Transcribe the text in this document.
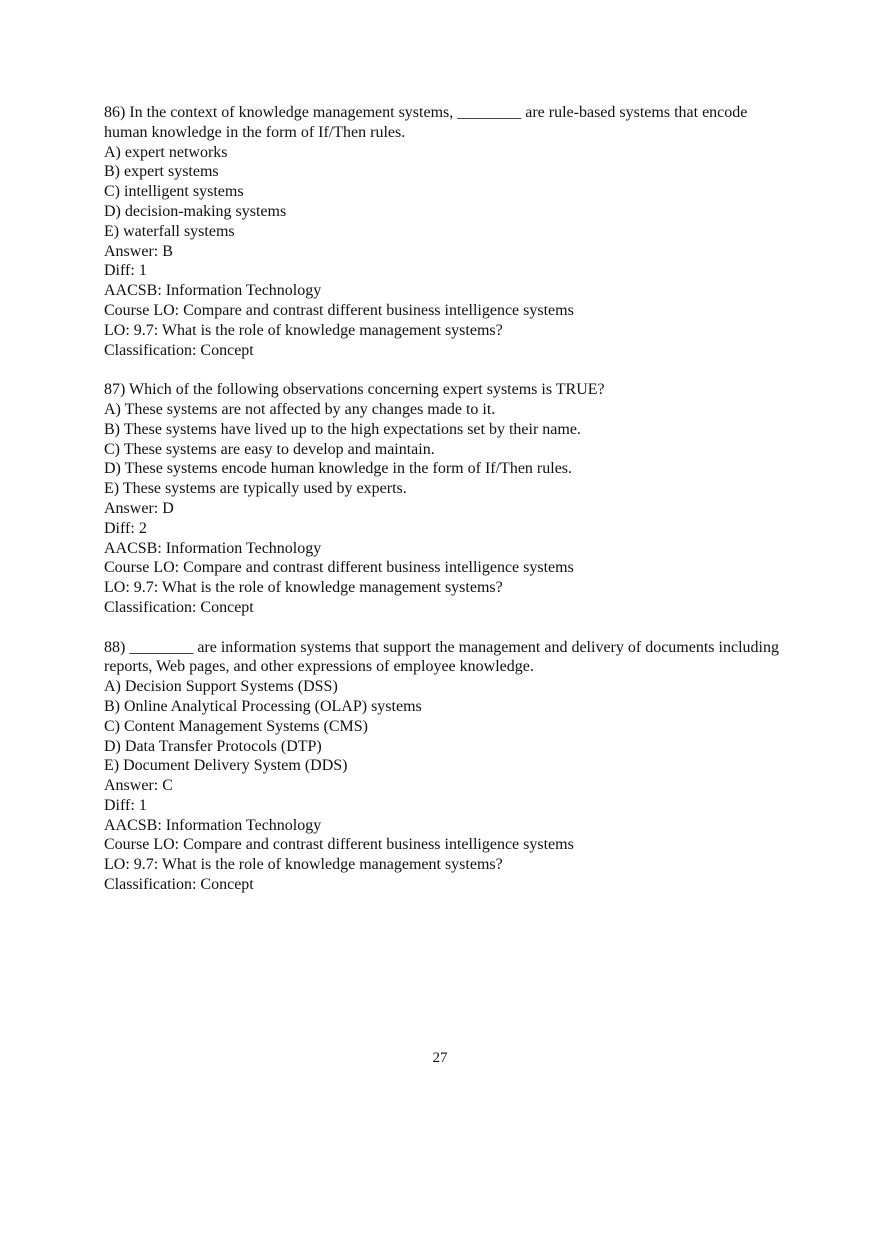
86) In the context of knowledge management systems, ________ are rule-based systems that encode human knowledge in the form of If/Then rules.
A) expert networks
B) expert systems
C) intelligent systems
D) decision-making systems
E) waterfall systems
Answer: B
Diff: 1
AACSB: Information Technology
Course LO: Compare and contrast different business intelligence systems
LO: 9.7: What is the role of knowledge management systems?
Classification: Concept
87) Which of the following observations concerning expert systems is TRUE?
A) These systems are not affected by any changes made to it.
B) These systems have lived up to the high expectations set by their name.
C) These systems are easy to develop and maintain.
D) These systems encode human knowledge in the form of If/Then rules.
E) These systems are typically used by experts.
Answer: D
Diff: 2
AACSB: Information Technology
Course LO: Compare and contrast different business intelligence systems
LO: 9.7: What is the role of knowledge management systems?
Classification: Concept
88) ________ are information systems that support the management and delivery of documents including reports, Web pages, and other expressions of employee knowledge.
A) Decision Support Systems (DSS)
B) Online Analytical Processing (OLAP) systems
C) Content Management Systems (CMS)
D) Data Transfer Protocols (DTP)
E) Document Delivery System (DDS)
Answer: C
Diff: 1
AACSB: Information Technology
Course LO: Compare and contrast different business intelligence systems
LO: 9.7: What is the role of knowledge management systems?
Classification: Concept
27
